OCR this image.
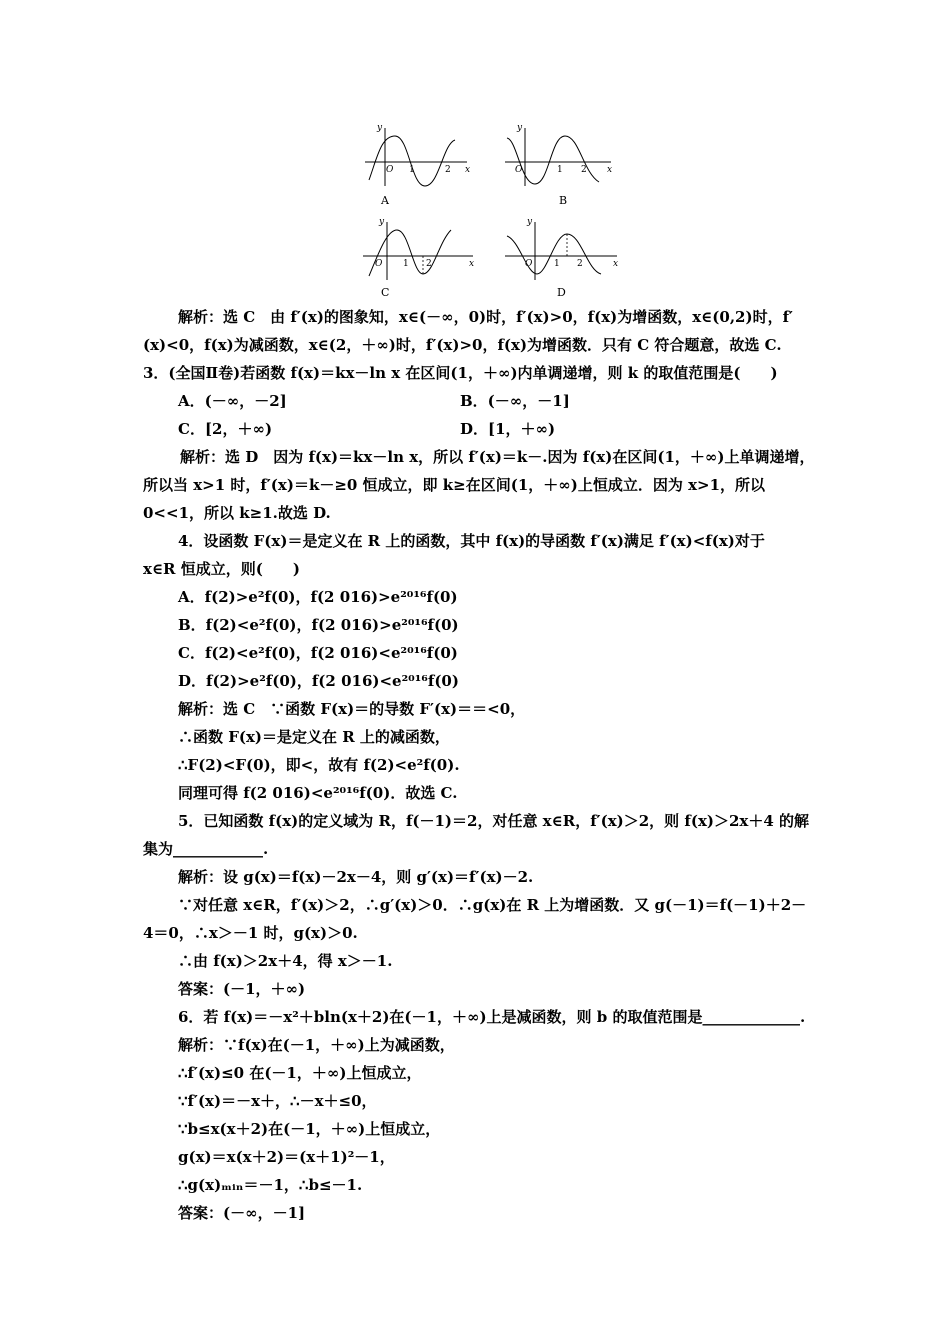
y
x
O 1	2
A
y
x
O	1 2
B
y
x
O 1 2
C
y
x
O 1 2
D
解析：选 C　由 f′(x)的图象知，x∈(－∞，0)时，f′(x)>0，f(x)为增函数，x∈(0,2)时，f′
(x)<0，f(x)为减函数，x∈(2，＋∞)时，f′(x)>0，f(x)为增函数．只有 C 符合题意，故选 C.
3．(全国Ⅱ卷)若函数 f(x)＝kx－ln x 在区间(1，＋∞)内单调递增，则 k 的取值范围是(　　)
A．(－∞，－2]	B．(－∞，－1]
C．[2，＋∞)	D．[1，＋∞)
解析：选 D　因为 f(x)＝kx－ln x，所以 f′(x)＝k－.因为 f(x)在区间(1，＋∞)上单调递增，
所以当 x>1 时，f′(x)＝k－≥0 恒成立，即 k≥在区间(1，＋∞)上恒成立．因为 x>1，所以
0<<1，所以 k≥1.故选 D.
4．设函数 F(x)＝是定义在 R 上的函数，其中 f(x)的导函数 f′(x)满足 f′(x)<f(x)对于
x∈R 恒成立，则(　　)
A．f(2)>e²f(0)，f(2 016)>e²⁰¹⁶f(0)
B．f(2)<e²f(0)，f(2 016)>e²⁰¹⁶f(0)
C．f(2)<e²f(0)，f(2 016)<e²⁰¹⁶f(0)
D．f(2)>e²f(0)，f(2 016)<e²⁰¹⁶f(0)
解析：选 C　∵函数 F(x)＝的导数 F′(x)＝＝<0，
∴函数 F(x)＝是定义在 R 上的减函数，
∴F(2)<F(0)，即<，故有 f(2)<e²f(0).
同理可得 f(2 016)<e²⁰¹⁶f(0)．故选 C.
5．已知函数 f(x)的定义域为 R，f(－1)＝2，对任意 x∈R，f′(x)＞2，则 f(x)＞2x＋4 的解
集为____________.
解析：设 g(x)＝f(x)－2x－4，则 g′(x)＝f′(x)－2.
∵对任意 x∈R，f′(x)＞2，∴g′(x)＞0．∴g(x)在 R 上为增函数．又 g(－1)＝f(－1)＋2－
4＝0，∴x＞－1 时，g(x)＞0.
∴由 f(x)＞2x＋4，得 x＞－1.
答案：(－1，＋∞)
6．若 f(x)＝－x²＋bln(x＋2)在(－1，＋∞)上是减函数，则 b 的取值范围是_____________.
解析：∵f(x)在(－1，＋∞)上为减函数，
∴f′(x)≤0 在(－1，＋∞)上恒成立，
∵f′(x)＝－x＋，∴－x＋≤0，
∵b≤x(x＋2)在(－1，＋∞)上恒成立，
g(x)＝x(x＋2)＝(x＋1)²－1，
∴g(x)ₘᵢₙ＝－1，∴b≤－1.
答案：(－∞，－1]
